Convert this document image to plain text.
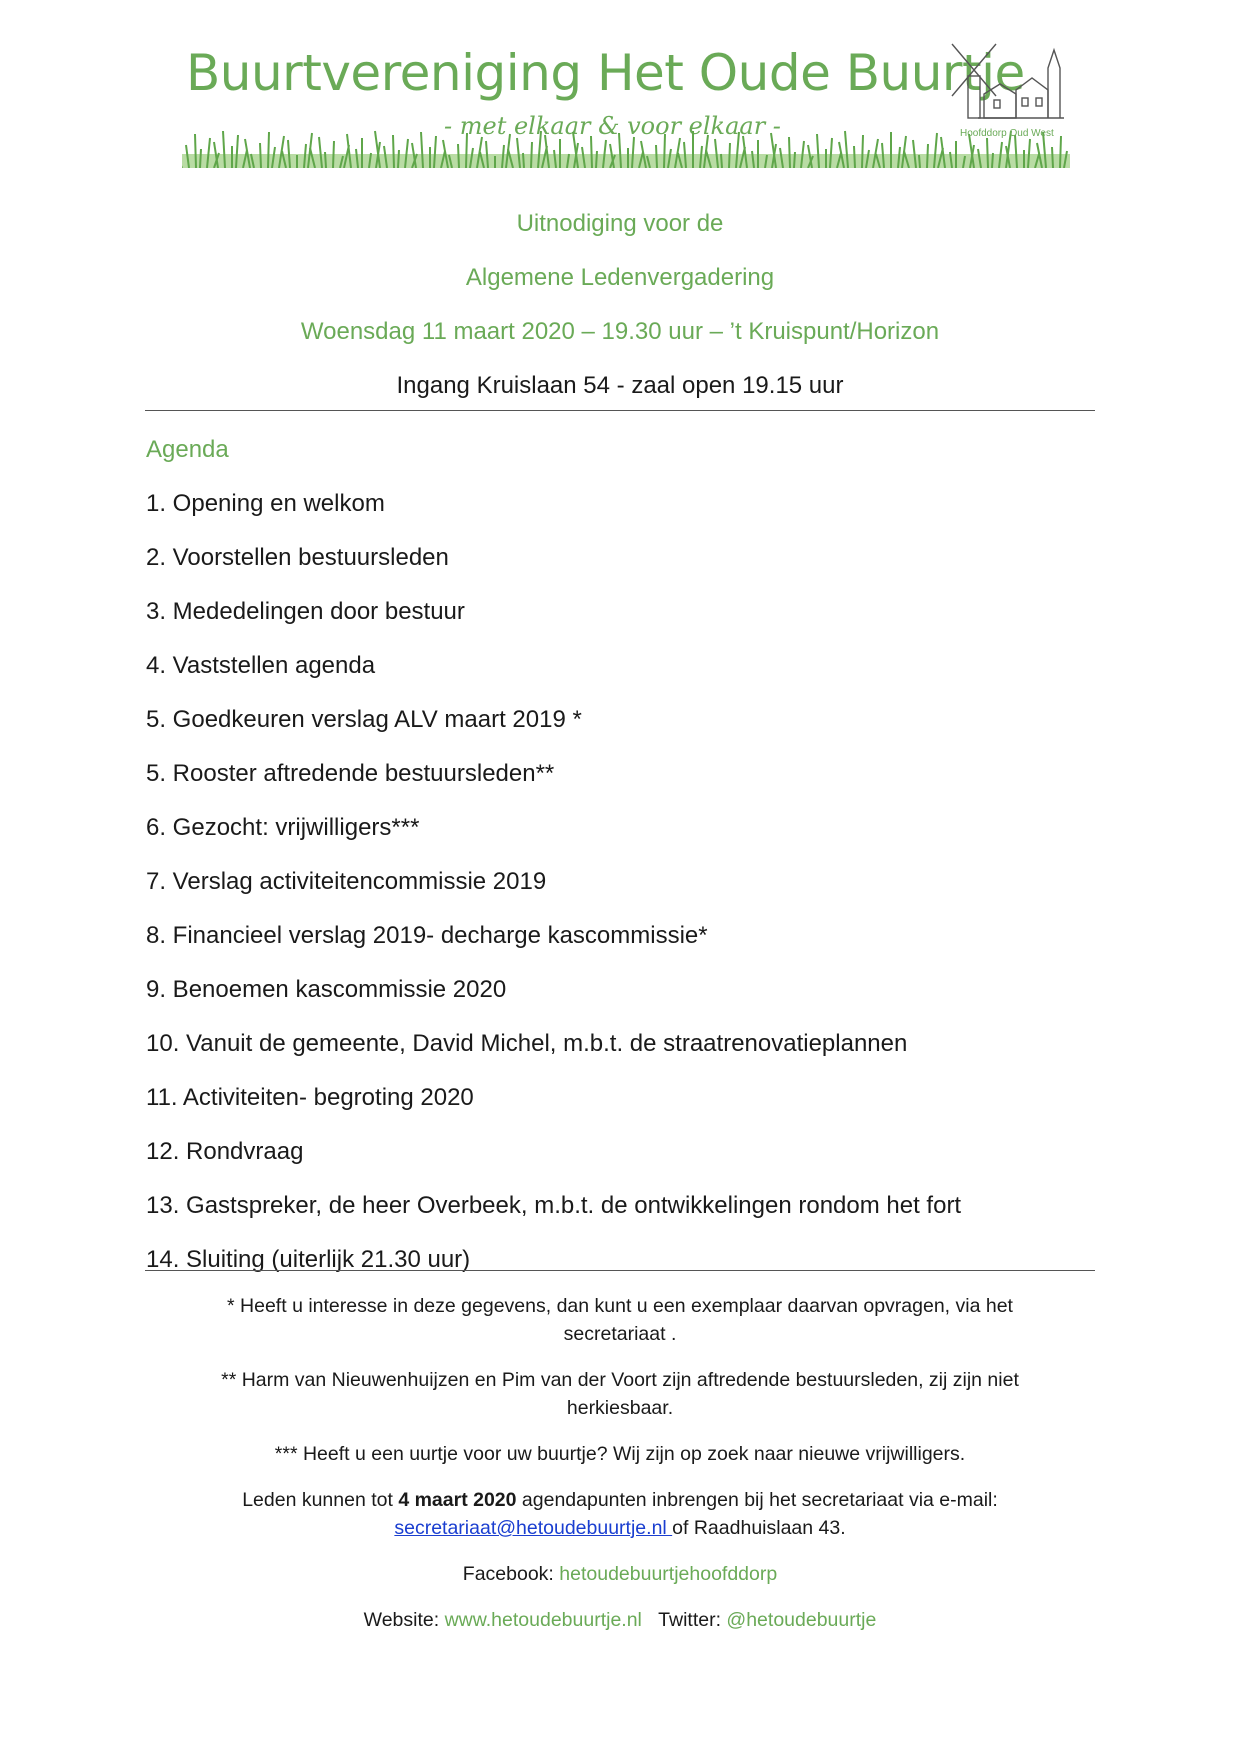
Buurtvereniging Het Oude Buurtje
- met elkaar & voor elkaar -	Hoofddorp Oud West
Uitnodiging voor de
Algemene Ledenvergadering
Woensdag 11 maart 2020 – 19.30 uur – ’t Kruispunt/Horizon
Ingang Kruislaan 54 - zaal open 19.15 uur
Agenda
1. Opening en welkom
2. Voorstellen bestuursleden
3. Mededelingen door bestuur
4. Vaststellen agenda
5. Goedkeuren verslag ALV maart 2019 *
5. Rooster aftredende bestuursleden**
6. Gezocht: vrijwilligers***
7. Verslag activiteitencommissie 2019
8. Financieel verslag 2019- decharge kascommissie*
9. Benoemen kascommissie 2020
10. Vanuit de gemeente, David Michel, m.b.t. de straatrenovatieplannen
11. Activiteiten- begroting 2020
12. Rondvraag
13. Gastspreker, de heer Overbeek, m.b.t. de ontwikkelingen rondom het fort
14. Sluiting (uiterlijk 21.30 uur)

* Heeft u interesse in deze gegevens, dan kunt u een exemplaar daarvan opvragen, via het
secretariaat .

** Harm van Nieuwenhuijzen en Pim van der Voort zijn aftredende bestuursleden, zij zijn niet
herkiesbaar.

*** Heeft u een uurtje voor uw buurtje? Wij zijn op zoek naar nieuwe vrijwilligers.

Leden kunnen tot 4 maart 2020 agendapunten inbrengen bij het secretariaat via e-mail:
secretariaat@hetoudebuurtje.nl of Raadhuislaan 43.

Facebook: hetoudebuurtjehoofddorp

Website: www.hetoudebuurtje.nl Twitter: @hetoudebuurtje
